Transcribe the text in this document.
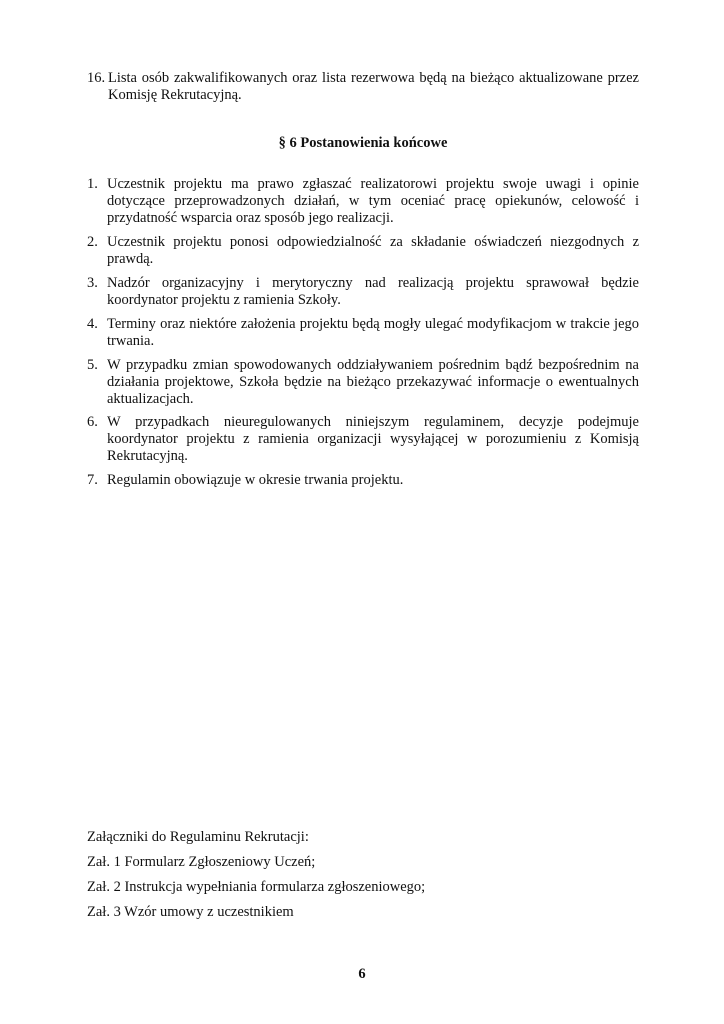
16. Lista osób zakwalifikowanych oraz lista rezerwowa będą na bieżąco aktualizowane przez Komisję Rekrutacyjną.
§ 6 Postanowienia końcowe
1. Uczestnik projektu ma prawo zgłaszać realizatorowi projektu swoje uwagi i opinie dotyczące przeprowadzonych działań, w tym oceniać pracę opiekunów, celowość i przydatność wsparcia oraz sposób jego realizacji.
2. Uczestnik projektu ponosi odpowiedzialność za składanie oświadczeń niezgodnych z prawdą.
3. Nadzór organizacyjny i merytoryczny nad realizacją projektu sprawował będzie koordynator projektu z ramienia Szkoły.
4. Terminy oraz niektóre założenia projektu będą mogły ulegać modyfikacjom w trakcie jego trwania.
5. W przypadku zmian spowodowanych oddziaływaniem pośrednim bądź bezpośrednim na działania projektowe, Szkoła będzie na bieżąco przekazywać informacje o ewentualnych aktualizacjach.
6. W przypadkach nieuregulowanych niniejszym regulaminem, decyzje podejmuje koordynator projektu z ramienia organizacji wysyłającej w porozumieniu z Komisją Rekrutacyjną.
7. Regulamin obowiązuje w okresie trwania projektu.
Załączniki do Regulaminu Rekrutacji:
Zał. 1 Formularz Zgłoszeniowy Uczeń;
Zał. 2 Instrukcja wypełniania formularza zgłoszeniowego;
Zał. 3 Wzór umowy z uczestnikiem
6
